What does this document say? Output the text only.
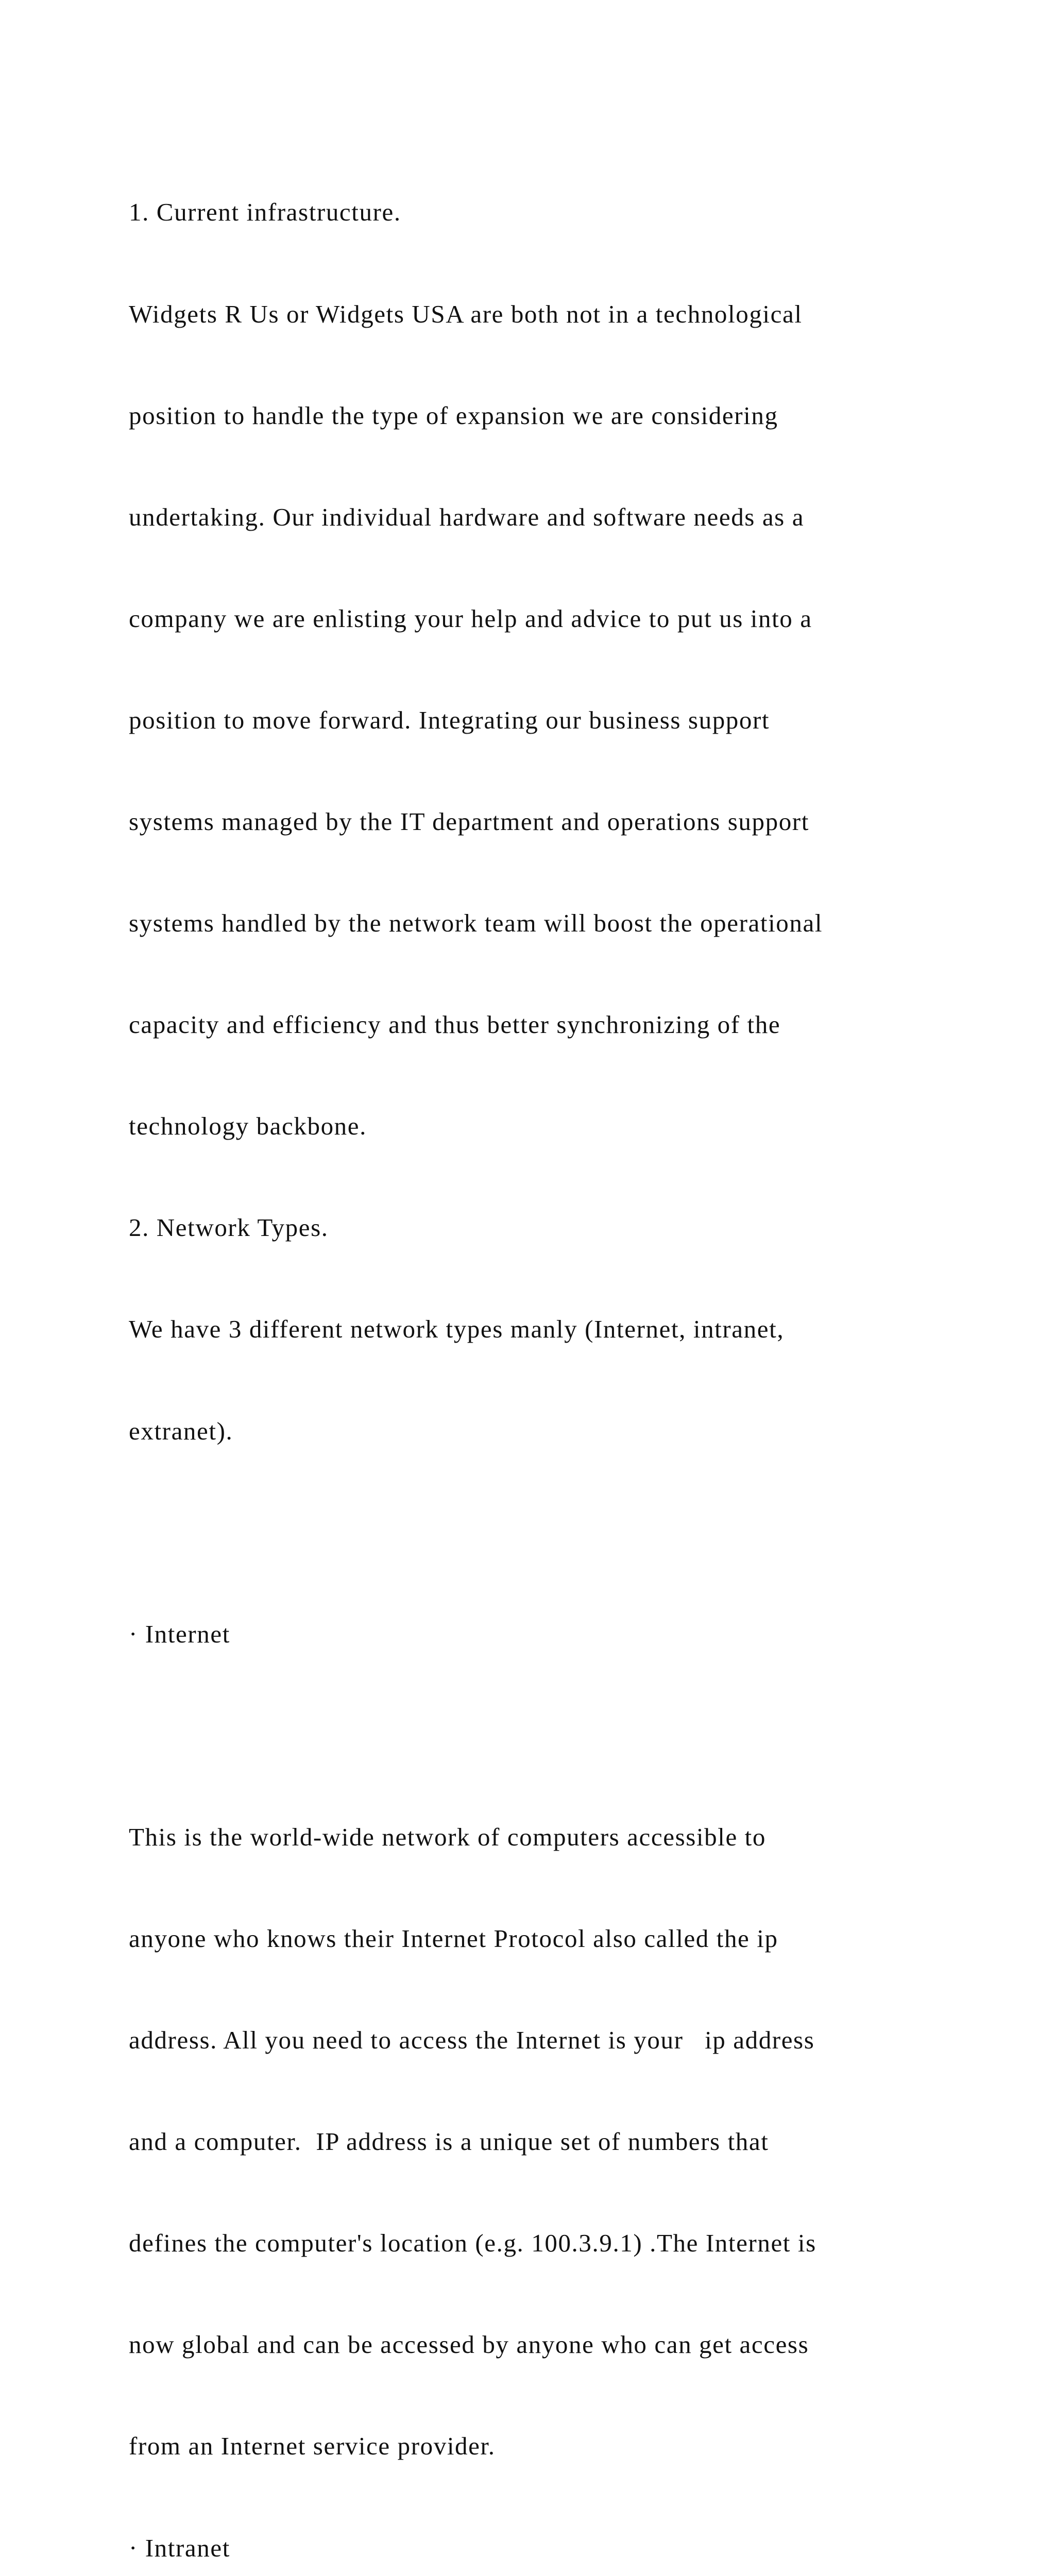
1. Current infrastructure.

Widgets R Us or Widgets USA are both not in a technological

position to handle the type of expansion we are considering

undertaking. Our individual hardware and software needs as a

company we are enlisting your help and advice to put us into a

position to move forward. Integrating our business support

systems managed by the IT department and operations support

systems handled by the network team will boost the operational

capacity and efficiency and thus better synchronizing of the

technology backbone.

2. Network Types.

We have 3 different network types manly (Internet, intranet,

extranet).

· Internet

This is the world-wide network of computers accessible to

anyone who knows their Internet Protocol also called the ip

address. All you need to access the Internet is your   ip address

and a computer.  IP address is a unique set of numbers that

defines the computer's location (e.g. 100.3.9.1) .The Internet is

now global and can be accessed by anyone who can get access

from an Internet service provider.

· Intranet
